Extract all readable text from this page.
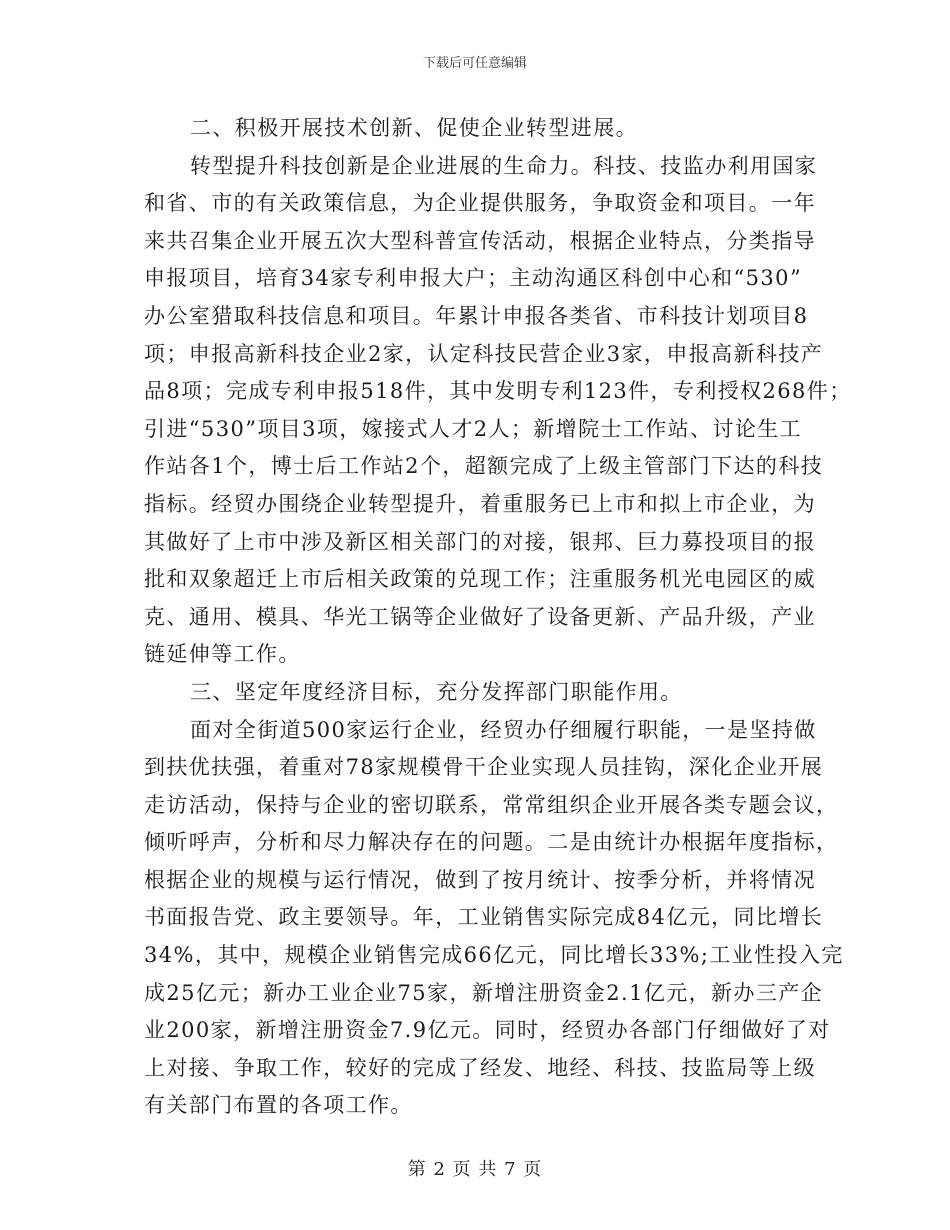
下载后可任意编辑
二、积极开展技术创新、促使企业转型进展。
转型提升科技创新是企业进展的生命力。科技、技监办利用国家
和省、市的有关政策信息，为企业提供服务，争取资金和项目。一年
来共召集企业开展五次大型科普宣传活动，根据企业特点，分类指导
申报项目，培育34家专利申报大户；主动沟通区科创中心和“530”
办公室猎取科技信息和项目。年累计申报各类省、市科技计划项目8
项；申报高新科技企业2家，认定科技民营企业3家，申报高新科技产
品8项；完成专利申报518件，其中发明专利123件，专利授权268件；
引进“530”项目3项，嫁接式人才2人；新增院士工作站、讨论生工
作站各1个，博士后工作站2个，超额完成了上级主管部门下达的科技
指标。经贸办围绕企业转型提升，着重服务已上市和拟上市企业，为
其做好了上市中涉及新区相关部门的对接，银邦、巨力募投项目的报
批和双象超迁上市后相关政策的兑现工作；注重服务机光电园区的威
克、通用、模具、华光工锅等企业做好了设备更新、产品升级，产业
链延伸等工作。
三、坚定年度经济目标，充分发挥部门职能作用。
面对全街道500家运行企业，经贸办仔细履行职能，一是坚持做
到扶优扶强，着重对78家规模骨干企业实现人员挂钩，深化企业开展
走访活动，保持与企业的密切联系，常常组织企业开展各类专题会议，
倾听呼声，分析和尽力解决存在的问题。二是由统计办根据年度指标，
根据企业的规模与运行情况，做到了按月统计、按季分析，并将情况
书面报告党、政主要领导。年，工业销售实际完成84亿元，同比增长
34%，其中，规模企业销售完成66亿元，同比增长33%;工业性投入完
成25亿元；新办工业企业75家，新增注册资金2.1亿元，新办三产企
业200家，新增注册资金7.9亿元。同时，经贸办各部门仔细做好了对
上对接、争取工作，较好的完成了经发、地经、科技、技监局等上级
有关部门布置的各项工作。
第 2 页 共 7 页
